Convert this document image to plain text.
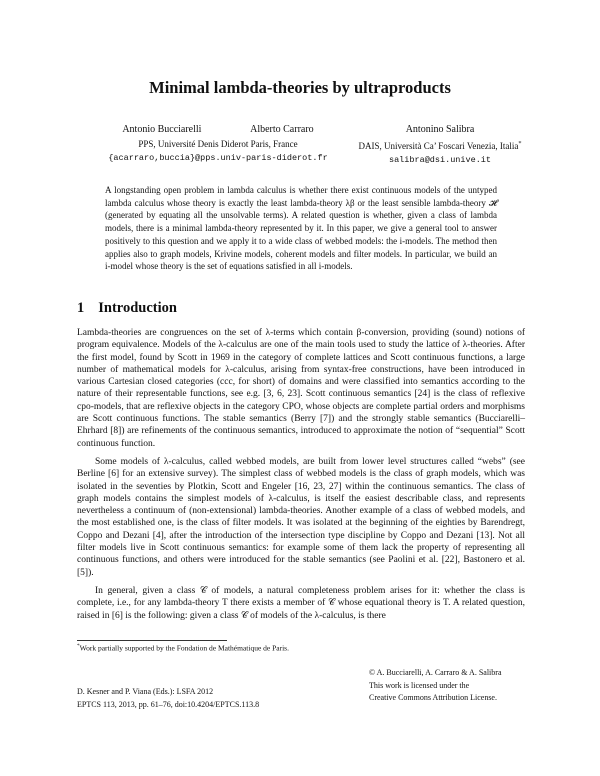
Minimal lambda-theories by ultraproducts
Antonio Bucciarelli	Alberto Carraro
PPS, Université Denis Diderot Paris, France
{acarraro,buccia}@pps.univ-paris-diderot.fr
Antonino Salibra
DAIS, Università Ca’ Foscari Venezia, Italia*
salibra@dsi.unive.it
A longstanding open problem in lambda calculus is whether there exist continuous models of the untyped lambda calculus whose theory is exactly the least lambda-theory λβ or the least sensible lambda-theory 𝓗 (generated by equating all the unsolvable terms). A related question is whether, given a class of lambda models, there is a minimal lambda-theory represented by it. In this paper, we give a general tool to answer positively to this question and we apply it to a wide class of webbed models: the i-models. The method then applies also to graph models, Krivine models, coherent models and filter models. In particular, we build an i-model whose theory is the set of equations satisfied in all i-models.
1 Introduction

Lambda-theories are congruences on the set of λ-terms which contain β-conversion, providing (sound) notions of program equivalence. Models of the λ-calculus are one of the main tools used to study the lattice of λ-theories. After the first model, found by Scott in 1969 in the category of complete lattices and Scott continuous functions, a large number of mathematical models for λ-calculus, arising from syntax-free constructions, have been introduced in various Cartesian closed categories (ccc, for short) of domains and were classified into semantics according to the nature of their representable functions, see e.g. [3, 6, 23]. Scott continuous semantics [24] is the class of reflexive cpo-models, that are reflexive objects in the category CPO, whose objects are complete partial orders and morphisms are Scott continuous functions. The stable semantics (Berry [7]) and the strongly stable semantics (Bucciarelli–Ehrhard [8]) are refinements of the continuous semantics, introduced to approximate the notion of “sequential” Scott continuous function.

Some models of λ-calculus, called webbed models, are built from lower level structures called “webs” (see Berline [6] for an extensive survey). The simplest class of webbed models is the class of graph models, which was isolated in the seventies by Plotkin, Scott and Engeler [16, 23, 27] within the continuous semantics. The class of graph models contains the simplest models of λ-calculus, is itself the easiest describable class, and represents nevertheless a continuum of (non-extensional) lambda-theories. Another example of a class of webbed models, and the most established one, is the class of filter models. It was isolated at the beginning of the eighties by Barendregt, Coppo and Dezani [4], after the introduction of the intersection type discipline by Coppo and Dezani [13]. Not all filter models live in Scott continuous semantics: for example some of them lack the property of representing all continuous functions, and others were introduced for the stable semantics (see Paolini et al. [22], Bastonero et al. [5]).

In general, given a class 𝒞 of models, a natural completeness problem arises for it: whether the class is complete, i.e., for any lambda-theory T there exists a member of 𝒞 whose equational theory is T. A related question, raised in [6] is the following: given a class 𝒞 of models of the λ-calculus, is there

*Work partially supported by the Fondation de Mathématique de Paris.
D. Kesner and P. Viana (Eds.): LSFA 2012
EPTCS 113, 2013, pp. 61–76, doi:10.4204/EPTCS.113.8
© A. Bucciarelli, A. Carraro & A. Salibra
This work is licensed under the
Creative Commons Attribution License.
